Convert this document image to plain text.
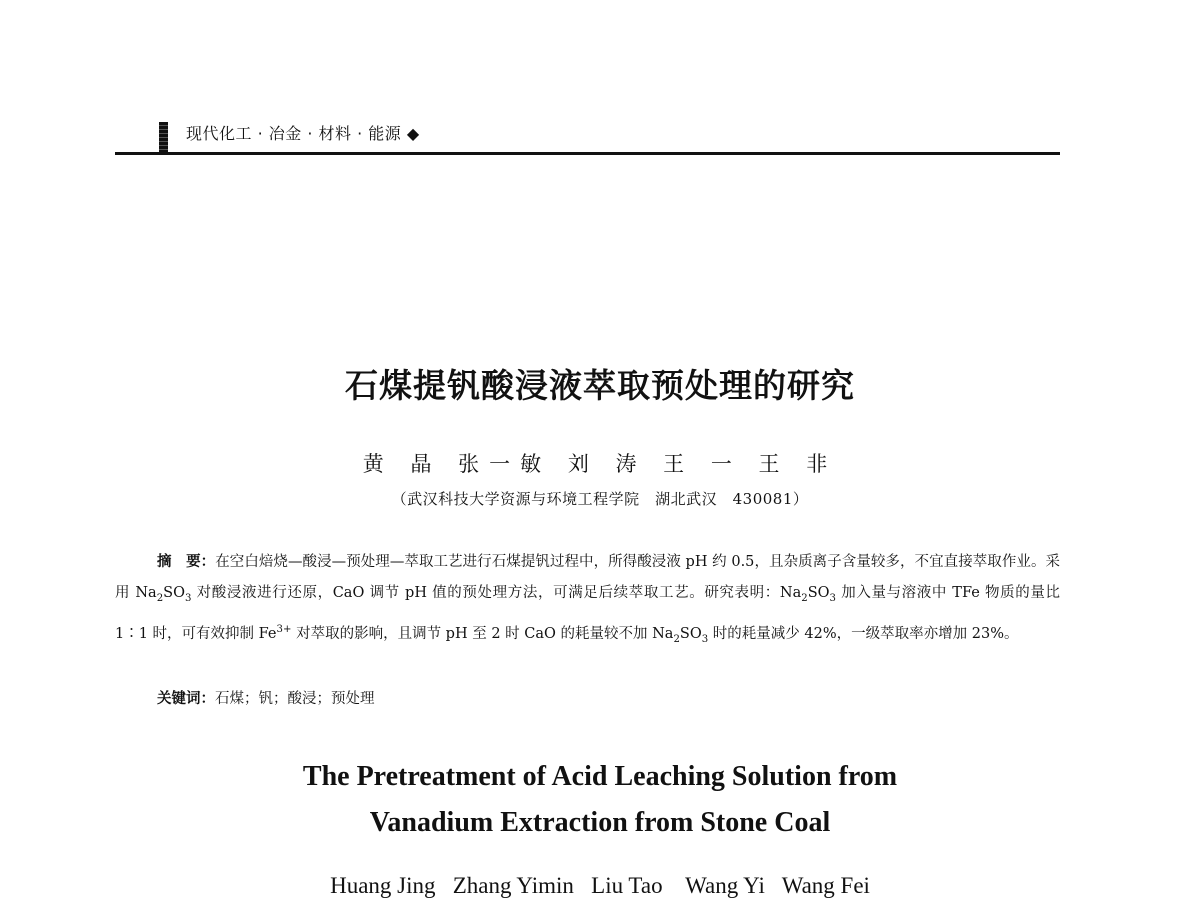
现代化工 · 冶金 · 材料 · 能源 ◆
石煤提钒酸浸液萃取预处理的研究
黄 晶 张一敏 刘 涛 王 一 王 非
（武汉科技大学资源与环境工程学院　湖北武汉　430081）

摘　要：在空白焙烧—酸浸—预处理—萃取工艺进行石煤提钒过程中，所得酸浸液 pH 约 0.5，且杂质离子含量较多，不宜直接萃取作业。采用 $Na_2SO_3$ 对酸浸液进行还原，CaO 调节 pH 值的预处理方法，可满足后续萃取工艺。研究表明：$Na_2SO_3$ 加入量与溶液中 TFe 物质的量比 1∶1 时，可有效抑制 $Fe^{3+}$ 对萃取的影响，且调节 pH 至 2 时 CaO 的耗量较不加 $Na_2SO_3$ 时的耗量减少 42%，一级萃取率亦增加 23%。

关键词：石煤；钒；酸浸；预处理
The Pretreatment of Acid Leaching Solution from
Vanadium Extraction from Stone Coal
Huang Jing   Zhang Yimin   Liu Tao    Wang Yi   Wang Fei
